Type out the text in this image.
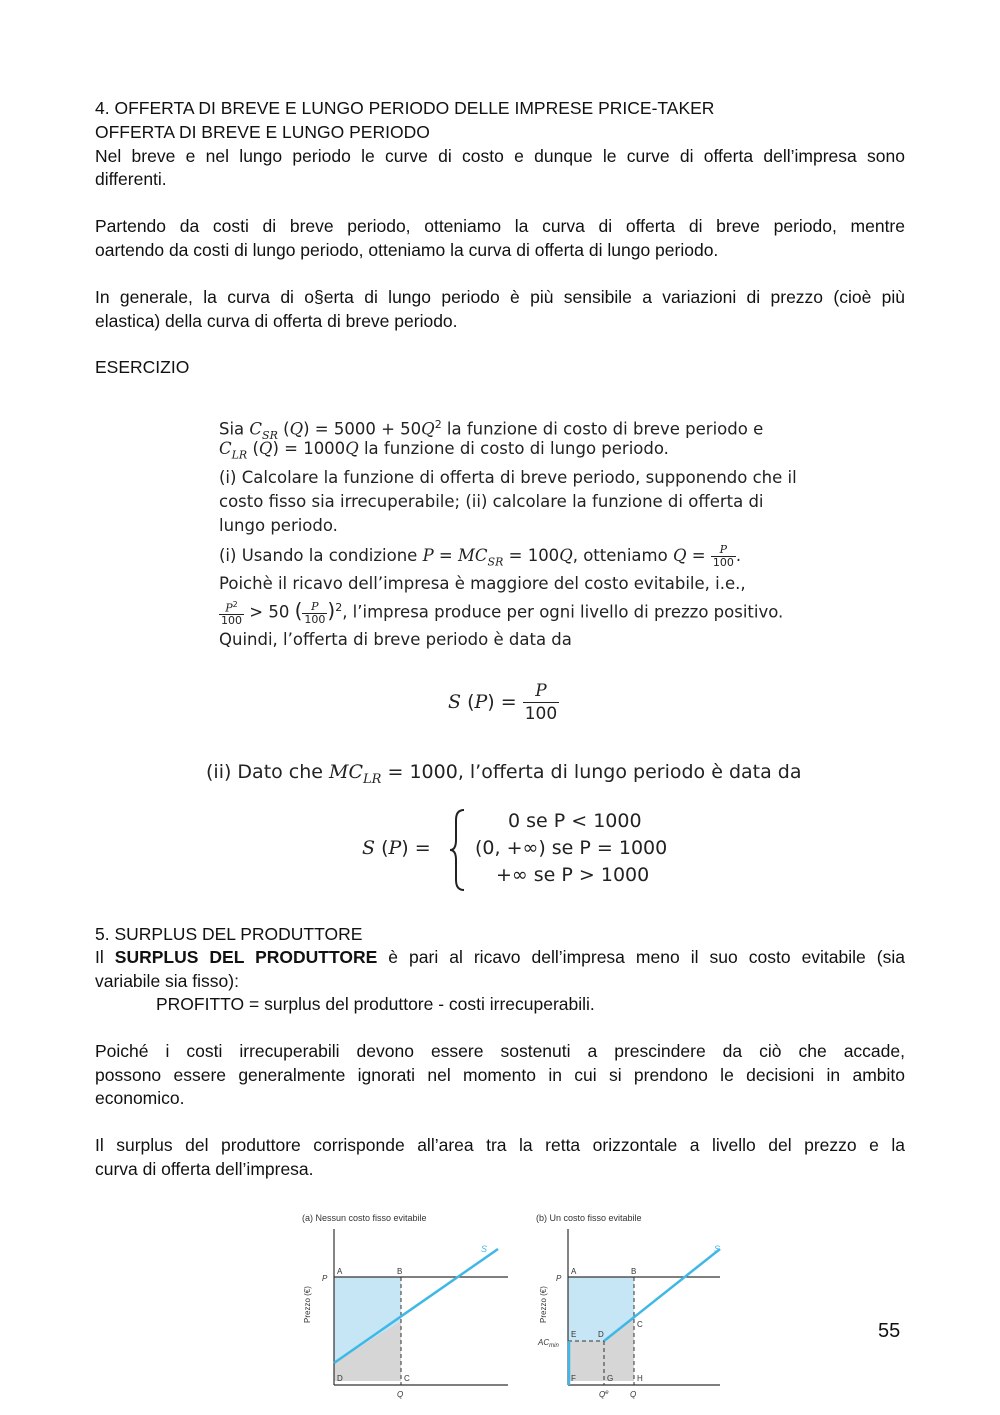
4. OFFERTA DI BREVE E LUNGO PERIODO DELLE IMPRESE PRICE-TAKER
OFFERTA DI BREVE E LUNGO PERIODO
Nel breve e nel lungo periodo le curve di costo e dunque le curve di offerta dell’impresa sono
differenti.
Partendo da costi di breve periodo, otteniamo la curva di offerta di breve periodo, mentre
oartendo da costi di lungo periodo, otteniamo la curva di offerta di lungo periodo.
In generale, la curva di o§erta di lungo periodo è più sensibile a variazioni di prezzo (cioè più
elastica) della curva di offerta di breve periodo.
ESERCIZIO
Sia $C_{SR}$ $(Q) = 5000 + 50Q^2$ la funzione di costo di breve periodo e
$C_{LR}$ (Q) = 1000Q la funzione di costo di lungo periodo.
(i) Calcolare la funzione di offerta di breve periodo, supponendo che il
costo fisso sia irrecuperabile; (ii) calcolare la funzione di offerta di
lungo periodo.
(i) Usando la condizione $P = MC_{SR} = 100Q$, otteniamo $Q = \frac{P}{100}$ .
Poichè il ricavo dell’impresa è maggiore del costo evitabile, i.e.,
$\frac{P^2}{100} > 50$ ( $\frac{P}{100} )^2$, l’impresa produce per ogni livello di prezzo positivo.
Quindi, l’offerta di breve periodo è data da
S $(P) = \frac{P}{100}$
(ii) Dato che $MC_{LR} = 1000$, l’offerta di lungo periodo è data da
S (P) =
0 se P < 1000
(0, +∞) se P = 1000
+∞ se P > 1000
5. SURPLUS DEL PRODUTTORE
Il SURPLUS DEL PRODUTTORE è pari al ricavo dell’impresa meno il suo costo evitabile (sia
variabile sia fisso):
PROFITTO = surplus del produttore - costi irrecuperabili.
Poiché i costi irrecuperabili devono essere sostenuti a prescindere da ciò che accade,
possono essere generalmente ignorati nel momento in cui si prendono le decisioni in ambito
economico.
Il surplus del produttore corrisponde all’area tra la retta orizzontale a livello del prezzo e la
curva di offerta dell’impresa.
(a) Nessun costo fisso evitabile
Prezzo (€)
S
P
A	B
C
D
Q
(b) Un costo fisso evitabile
Prezzo (€)
S
P
$AC_{min}$
A	B
C
E	D
F	G	H
$Q^e$	Q
55
